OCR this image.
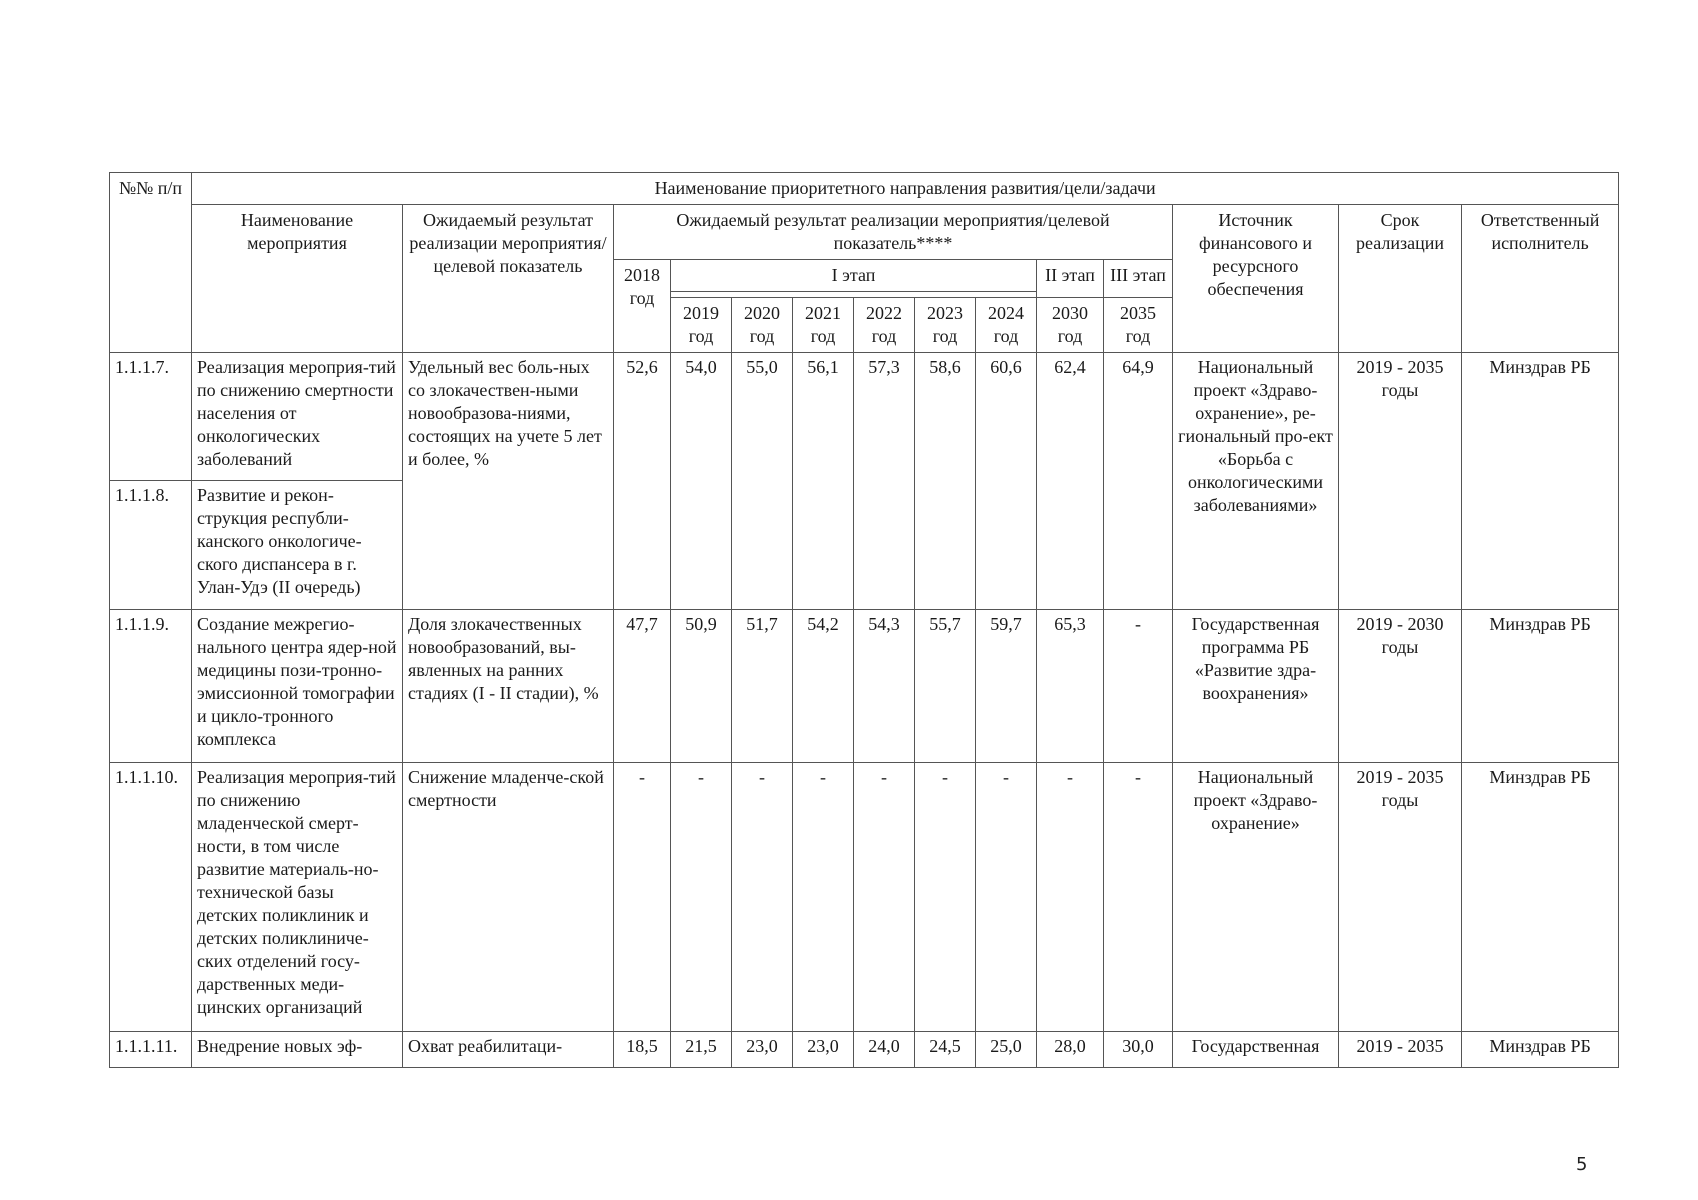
№№ п/п	Наименование приоритетного направления развития/цели/задачи													
	Наименование мероприятия	Ожидаемый результат реализации мероприятия/целевой показатель	Ожидаемый результат реализации мероприятия/целевой показатель****									Источник финансового и ресурсного обеспечения	Срок реализации	Ответственный исполнитель
			2018 год	I этап						II этап	III этап			

				2019 год	2020 год	2021 год	2022 год	2023 год	2024 год	2030 год	2035 год			
1.1.1.7.	Реализация мероприя-тий по снижению смертности населения от онкологических заболеваний	Удельный вес боль-ных со злокачествен-ными новообразова-ниями, состоящих на учете 5 лет и более, %	52,6	54,0	55,0	56,1	57,3	58,6	60,6	62,4	64,9	Национальный проект «Здраво-охранение», ре-гиональный про-ект «Борьба с онкологическими заболеваниями»	2019 - 2035 годы	Минздрав РБ
1.1.1.8.	Развитие и рекон-струкция республи-канского онкологиче-ского диспансера в г. Улан-Удэ (II очередь)													
1.1.1.9.	Создание межрегио-нального центра ядер-ной медицины пози-тронно-эмиссионной томографии и цикло-тронного комплекса	Доля злокачественных новообразований, вы-явленных на ранних стадиях (I - II стадии), %	47,7	50,9	51,7	54,2	54,3	55,7	59,7	65,3	-	Государственная программа РБ «Развитие здра-воохранения»	2019 - 2030 годы	Минздрав РБ
1.1.1.10.	Реализация мероприя-тий по снижению младенческой смерт-ности, в том числе развитие материаль-но-технической базы детских поликлиник и детских поликлиниче-ских отделений госу-дарственных меди-цинских организаций	Снижение младенче-ской смертности	-	-	-	-	-	-	-	-	-	Национальный проект «Здраво-охранение»	2019 - 2035 годы	Минздрав РБ
1.1.1.11.	Внедрение новых эф-	Охват реабилитаци-	18,5	21,5	23,0	23,0	24,0	24,5	25,0	28,0	30,0	Государственная	2019 - 2035	Минздрав РБ
5
